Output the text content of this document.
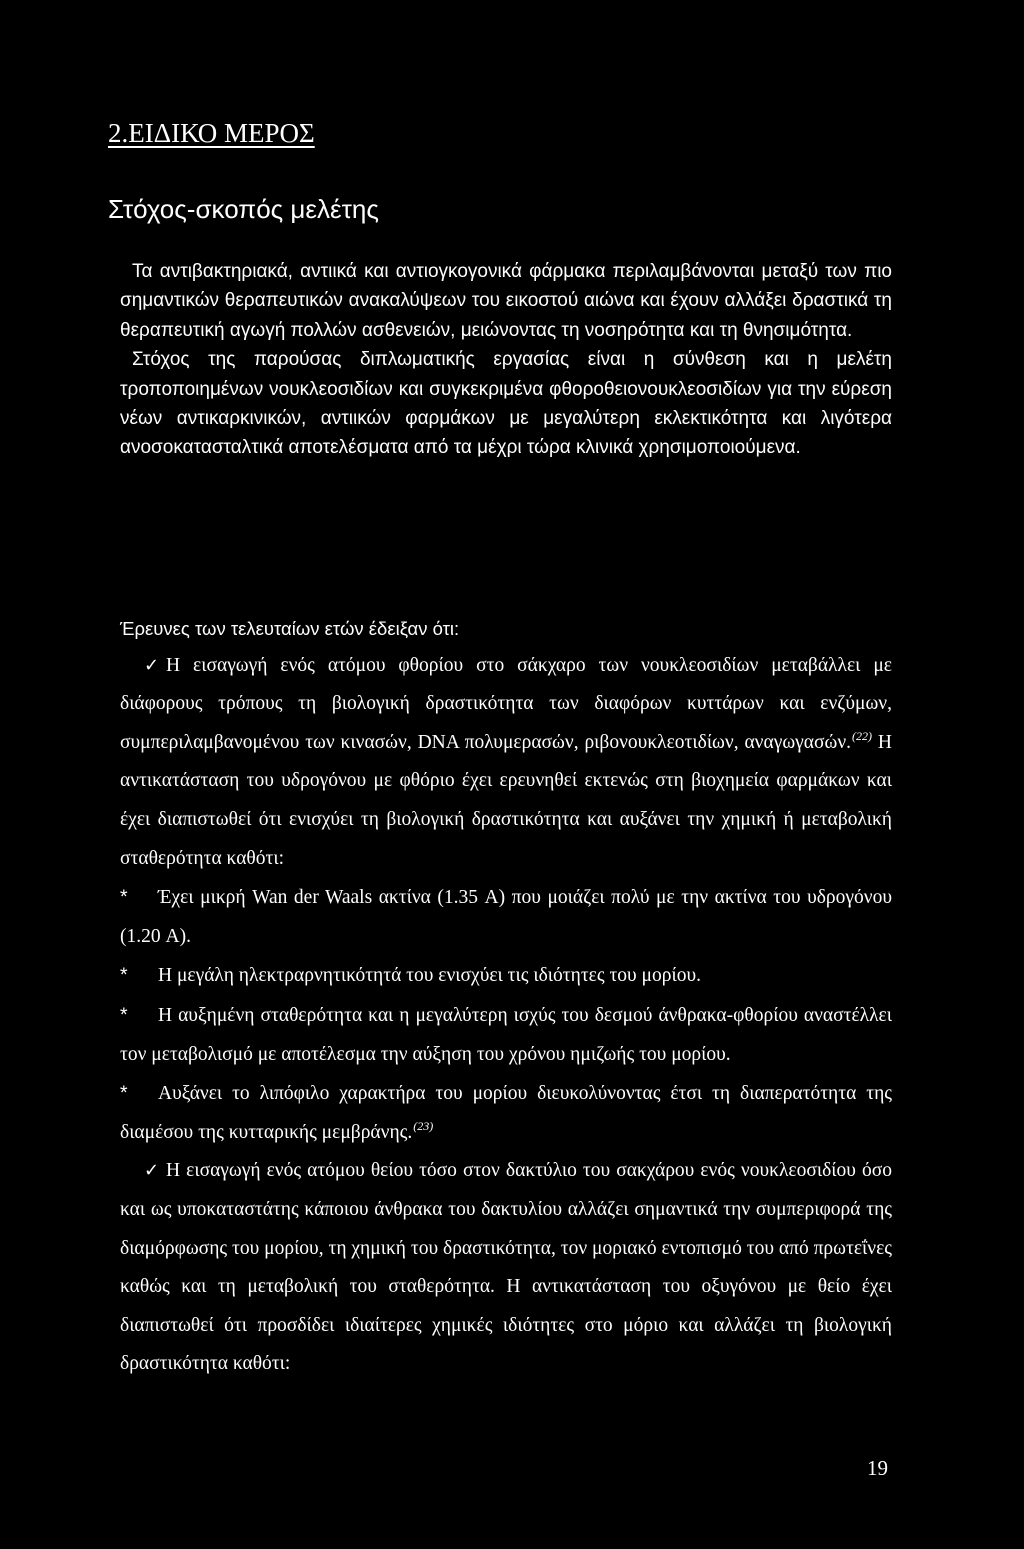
2.ΕΙΔΙΚΟ ΜΕΡΟΣ
Στόχος-σκοπός μελέτης

Τα αντιβακτηριακά, αντιικά και αντιογκογονικά φάρμακα περιλαμβάνονται μεταξύ των πιο σημαντικών θεραπευτικών ανακαλύψεων του εικοστού αιώνα και έχουν αλλάξει δραστικά τη θεραπευτική αγωγή πολλών ασθενειών, μειώνοντας τη νοσηρότητα και τη θνησιμότητα.

Στόχος της παρούσας διπλωματικής εργασίας είναι η σύνθεση και η μελέτη τροποποιημένων νουκλεοσιδίων και συγκεκριμένα φθοροθειονουκλεοσιδίων για την εύρεση νέων αντικαρκινικών, αντιικών φαρμάκων με μεγαλύτερη εκλεκτικότητα και λιγότερα ανοσοκατασταλτικά αποτελέσματα από τα μέχρι τώρα κλινικά χρησιμοποιούμενα.

Έρευνες των τελευταίων ετών έδειξαν ότι:

✓ Η εισαγωγή ενός ατόμου φθορίου στο σάκχαρο των νουκλεοσιδίων μεταβάλλει με διάφορους τρόπους τη βιολογική δραστικότητα των διαφόρων κυττάρων και ενζύμων, συμπεριλαμβανομένου των κινασών, DNA πολυμερασών, ριβονουκλεοτιδίων, αναγωγασών.$^{(22)}$ Η αντικατάσταση του υδρογόνου με φθόριο έχει ερευνηθεί εκτενώς στη βιοχημεία φαρμάκων και έχει διαπιστωθεί ότι ενισχύει τη βιολογική δραστικότητα και αυξάνει την χημική ή μεταβολική σταθερότητα καθότι:

* Έχει μικρή Wan der Waals ακτίνα (1.35 A) που μοιάζει πολύ με την ακτίνα του υδρογόνου (1.20 A).

* Η μεγάλη ηλεκτραρνητικότητά του ενισχύει τις ιδιότητες του μορίου.

* Η αυξημένη σταθερότητα και η μεγαλύτερη ισχύς του δεσμού άνθρακα-φθορίου αναστέλλει τον μεταβολισμό με αποτέλεσμα την αύξηση του χρόνου ημιζωής του μορίου.

* Αυξάνει το λιπόφιλο χαρακτήρα του μορίου διευκολύνοντας έτσι τη διαπερατότητα της διαμέσου της κυτταρικής μεμβράνης.$^{(23)}$

✓ Η εισαγωγή ενός ατόμου θείου τόσο στον δακτύλιο του σακχάρου ενός νουκλεοσιδίου όσο και ως υποκαταστάτης κάποιου άνθρακα του δακτυλίου αλλάζει σημαντικά την συμπεριφορά της διαμόρφωσης του μορίου, τη χημική του δραστικότητα, τον μοριακό εντοπισμό του από πρωτεΐνες καθώς και τη μεταβολική του σταθερότητα. Η αντικατάσταση του οξυγόνου με θείο έχει διαπιστωθεί ότι προσδίδει ιδιαίτερες χημικές ιδιότητες στο μόριο και αλλάζει τη βιολογική δραστικότητα καθότι:

19
